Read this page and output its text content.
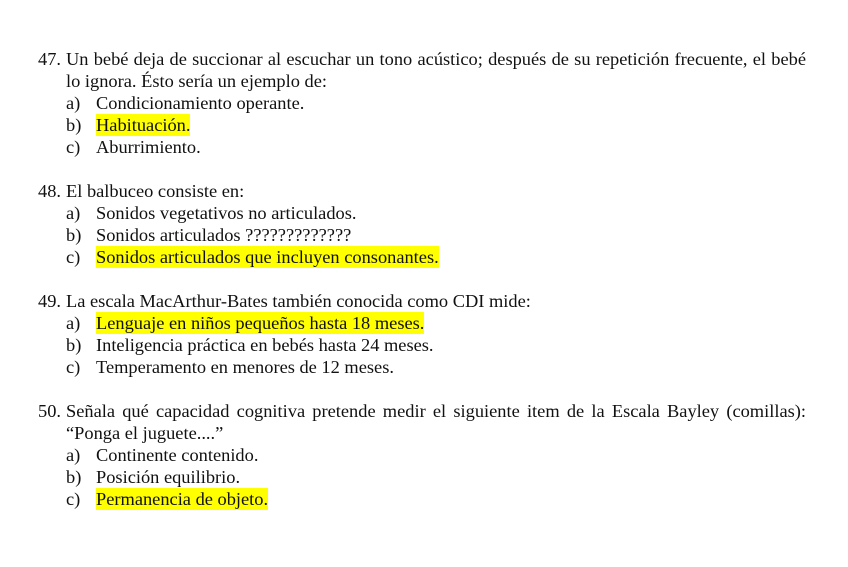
47. Un bebé deja de succionar al escuchar un tono acústico; después de su repetición frecuente, el bebé lo ignora. Ésto sería un ejemplo de:
a) Condicionamiento operante.
b) Habituación.
c) Aburrimiento.
48. El balbuceo consiste en:
a) Sonidos vegetativos no articulados.
b) Sonidos articulados ?????????????
c) Sonidos articulados que incluyen consonantes.
49. La escala MacArthur-Bates también conocida como CDI mide:
a) Lenguaje en niños pequeños hasta 18 meses.
b) Inteligencia práctica en bebés hasta 24 meses.
c) Temperamento en menores de 12 meses.
50. Señala qué capacidad cognitiva pretende medir el siguiente item de la Escala Bayley (comillas): “Ponga el juguete....”
a) Continente contenido.
b) Posición equilibrio.
c) Permanencia de objeto.
